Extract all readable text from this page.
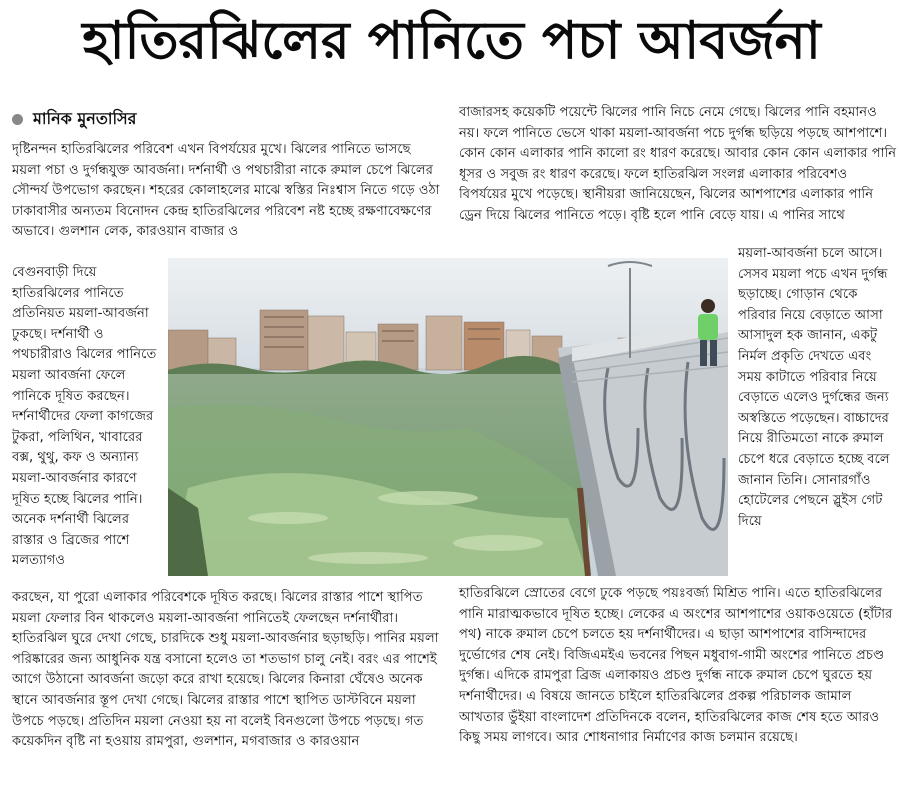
হাতিরঝিলের পানিতে পচা আবর্জনা
মানিক মুনতাসির
দৃষ্টিনন্দন হাতিরঝিলের পরিবেশ এখন বিপর্যয়ের মুখে। ঝিলের পানিতে ভাসছে ময়লা পচা ও দুর্গন্ধযুক্ত আবর্জনা। দর্শনার্থী ও পথচারীরা নাকে রুমাল চেপে ঝিলের সৌন্দর্য উপভোগ করছেন। শহরের কোলাহলের মাঝে স্বস্তির নিঃশ্বাস নিতে গড়ে ওঠা ঢাকাবাসীর অন্যতম বিনোদন কেন্দ্র হাতিরঝিলের পরিবেশ নষ্ট হচ্ছে রক্ষণাবেক্ষণের অভাবে। গুলশান লেক, কারওয়ান বাজার ও
বেগুনবাড়ী দিয়ে হাতিরঝিলের পানিতে প্রতিনিয়ত ময়লা-আবর্জনা ঢুকছে। দর্শনার্থী ও পথচারীরাও ঝিলের পানিতে ময়লা আবর্জনা ফেলে পানিকে দূষিত করছেন। দর্শনার্থীদের ফেলা কাগজের টুকরা, পলিথিন, খাবারের বক্স, থুথু, কফ ও অন্যান্য ময়লা-আবর্জনার কারণে দূষিত হচ্ছে ঝিলের পানি। অনেক দর্শনার্থী ঝিলের রাস্তার ও ব্রিজের পাশে মলত্যাগও
বাজারসহ কয়েকটি পয়েন্টে ঝিলের পানি নিচে নেমে গেছে। ঝিলের পানি বহমানও নয়। ফলে পানিতে ভেসে থাকা ময়লা-আবর্জনা পচে দুর্গন্ধ ছড়িয়ে পড়ছে আশপাশে। কোন কোন এলাকার পানি কালো রং ধারণ করেছে। আবার কোন কোন এলাকার পানি ধূসর ও সবুজ রং ধারণ করেছে। ফলে হাতিরঝিল সংলগ্ন এলাকার পরিবেশও বিপর্যয়ের মুখে পড়েছে। স্থানীয়রা জানিয়েছেন, ঝিলের আশপাশের এলাকার পানি ড্রেন দিয়ে ঝিলের পানিতে পড়ে। বৃষ্টি হলে পানি বেড়ে যায়। এ পানির সাথে
ময়লা-আবর্জনা চলে আসে। সেসব ময়লা পচে এখন দুর্গন্ধ ছড়াচ্ছে। গোড়ান থেকে পরিবার নিয়ে বেড়াতে আসা আসাদুল হক জানান, একটু নির্মল প্রকৃতি দেখতে এবং সময় কাটাতে পরিবার নিয়ে বেড়াতে এলেও দুর্গন্ধের জন্য অস্বস্তিতে পড়েছেন। বাচ্চাদের নিয়ে রীতিমতো নাকে রুমাল চেপে ধরে বেড়াতে হচ্ছে বলে জানান তিনি। সোনারগাঁও হোটেলের পেছনে স্লুইস গেট দিয়ে
করছেন, যা পুরো এলাকার পরিবেশকে দূষিত করছে। ঝিলের রাস্তার পাশে স্থাপিত ময়লা ফেলার বিন থাকলেও ময়লা-আবর্জনা পানিতেই ফেলছেন দর্শনার্থীরা।
হাতিরঝিল ঘুরে দেখা গেছে, চারদিকে শুধু ময়লা-আবর্জনার ছড়াছড়ি। পানির ময়লা পরিষ্কারের জন্য আধুনিক যন্ত্র বসানো হলেও তা শতভাগ চালু নেই। বরং এর পাশেই আগে উঠানো আবর্জনা জড়ো করে রাখা হয়েছে। ঝিলের কিনারা ঘেঁষেও অনেক স্থানে আবর্জনার স্তূপ দেখা গেছে। ঝিলের রাস্তার পাশে স্থাপিত ডাস্টবিনে ময়লা উপচে পড়ছে। প্রতিদিন ময়লা নেওয়া হয় না বলেই বিনগুলো উপচে পড়ছে। গত কয়েকদিন বৃষ্টি না হওয়ায় রামপুরা, গুলশান, মগবাজার ও কারওয়ান
হাতিরঝিলে স্রোতের বেগে ঢুকে পড়ছে পয়ঃবর্জ্য মিশ্রিত পানি। এতে হাতিরঝিলের পানি মারাত্মকভাবে দূষিত হচ্ছে। লেকের এ অংশের আশপাশের ওয়াকওয়েতে (হাঁটার পথ) নাকে রুমাল চেপে চলতে হয় দর্শনার্থীদের। এ ছাড়া আশপাশের বাসিন্দাদের দুর্ভোগের শেষ নেই। বিজিএমইএ ভবনের পিছন মধুবাগ-গামী অংশের পানিতে প্রচণ্ড দুর্গন্ধ। এদিকে রামপুরা ব্রিজ এলাকায়ও প্রচণ্ড দুর্গন্ধ নাকে রুমাল চেপে ঘুরতে হয় দর্শনার্থীদের। এ বিষয়ে জানতে চাইলে হাতিরঝিলের প্রকল্প পরিচালক জামাল আখতার ভুঁইয়া বাংলাদেশ প্রতিদিনকে বলেন, হাতিরঝিলের কাজ শেষ হতে আরও কিছু সময় লাগবে। আর শোধনাগার নির্মাণের কাজ চলমান রয়েছে।
